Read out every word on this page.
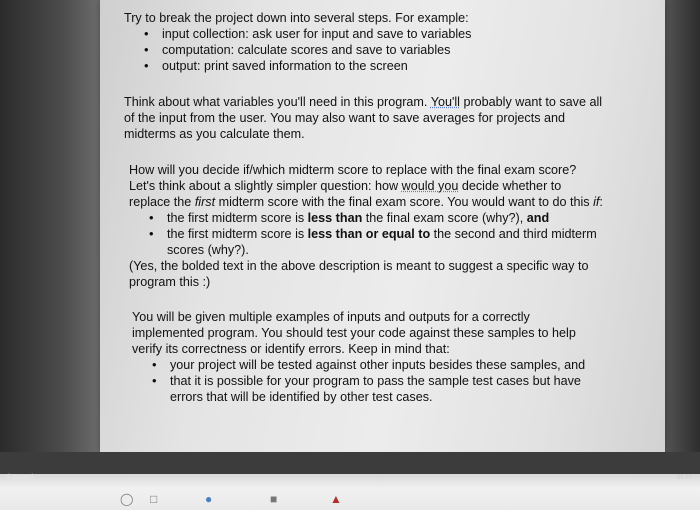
d States)	IR Fr
◯ □	●	■	▲

Try to break the project down into several steps. For example:

• input collection: ask user for input and save to variables
• computation: calculate scores and save to variables
• output: print saved information to the screen

Think about what variables you'll need in this program. You'll probably want to save all of the input from the user. You may also want to save averages for projects and midterms as you calculate them.

How will you decide if/which midterm score to replace with the final exam score? Let's think about a slightly simpler question: how would you decide whether to replace the first midterm score with the final exam score. You would want to do this if:

• the first midterm score is less than the final exam score (why?), and
• the first midterm score is less than or equal to the second and third midterm scores (why?).

(Yes, the bolded text in the above description is meant to suggest a specific way to program this :)

You will be given multiple examples of inputs and outputs for a correctly implemented program. You should test your code against these samples to help verify its correctness or identify errors. Keep in mind that:

• your project will be tested against other inputs besides these samples, and
• that it is possible for your program to pass the sample test cases but have errors that will be identified by other test cases.
